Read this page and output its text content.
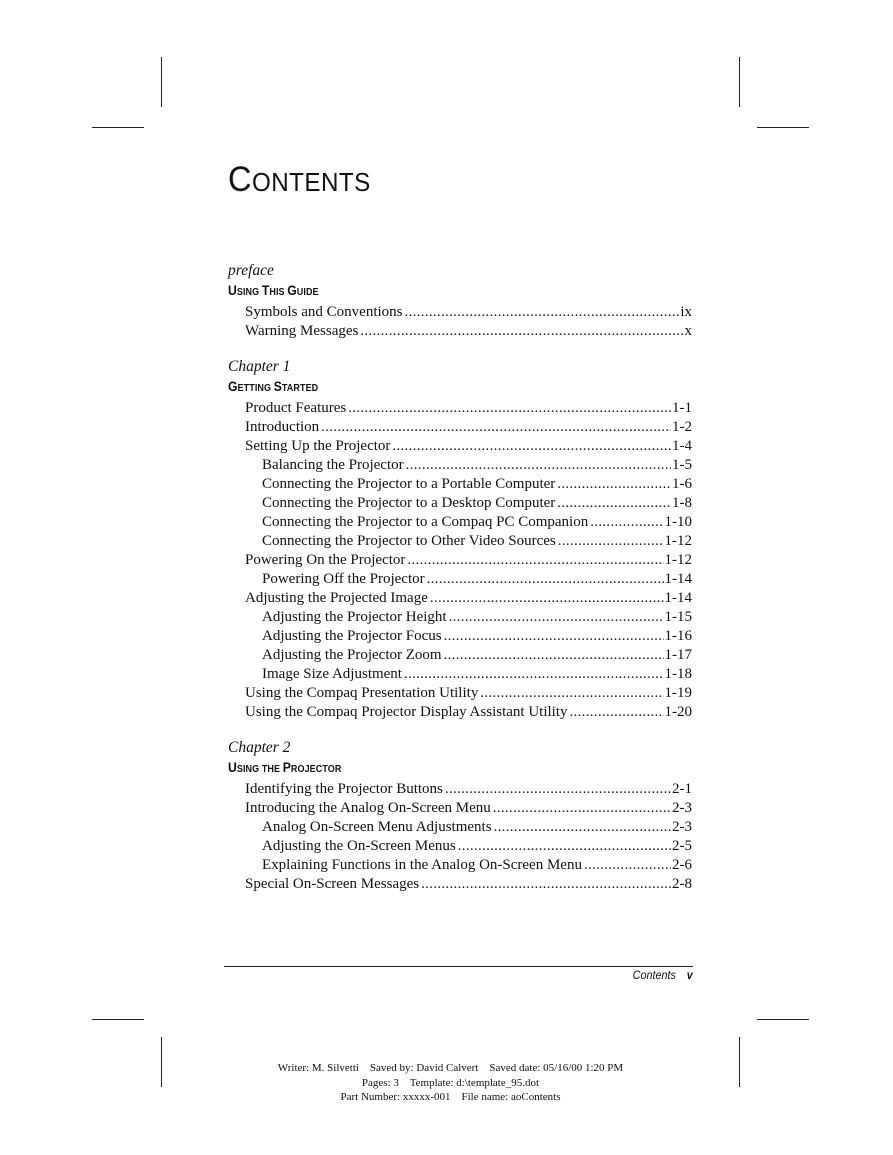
CONTENTS
preface
USING THIS GUIDE
Symbols and Conventions .....	ix
Warning Messages .....	x
Chapter 1
GETTING STARTED
Product Features .....	1-1
Introduction .....	1-2
Setting Up the Projector .....	1-4
Balancing the Projector .....	1-5
Connecting the Projector to a Portable Computer .....	1-6
Connecting the Projector to a Desktop Computer .....	1-8
Connecting the Projector to a Compaq PC Companion .....	1-10
Connecting the Projector to Other Video Sources .....	1-12
Powering On the Projector .....	1-12
Powering Off the Projector .....	1-14
Adjusting the Projected Image .....	1-14
Adjusting the Projector Height .....	1-15
Adjusting the Projector Focus .....	1-16
Adjusting the Projector Zoom .....	1-17
Image Size Adjustment .....	1-18
Using the Compaq Presentation Utility .....	1-19
Using the Compaq Projector Display Assistant Utility .....	1-20
Chapter 2
USING THE PROJECTOR
Identifying the Projector Buttons .....	2-1
Introducing the Analog On-Screen Menu .....	2-3
Analog On-Screen Menu Adjustments .....	2-3
Adjusting the On-Screen Menus .....	2-5
Explaining Functions in the Analog On-Screen Menu .....	2-6
Special On-Screen Messages .....	2-8
Contents v
Writer: M. Silvetti    Saved by: David Calvert    Saved date: 05/16/00 1:20 PM
Pages: 3    Template: d:\template_95.dot
Part Number: xxxxx-001    File name: aoContents
